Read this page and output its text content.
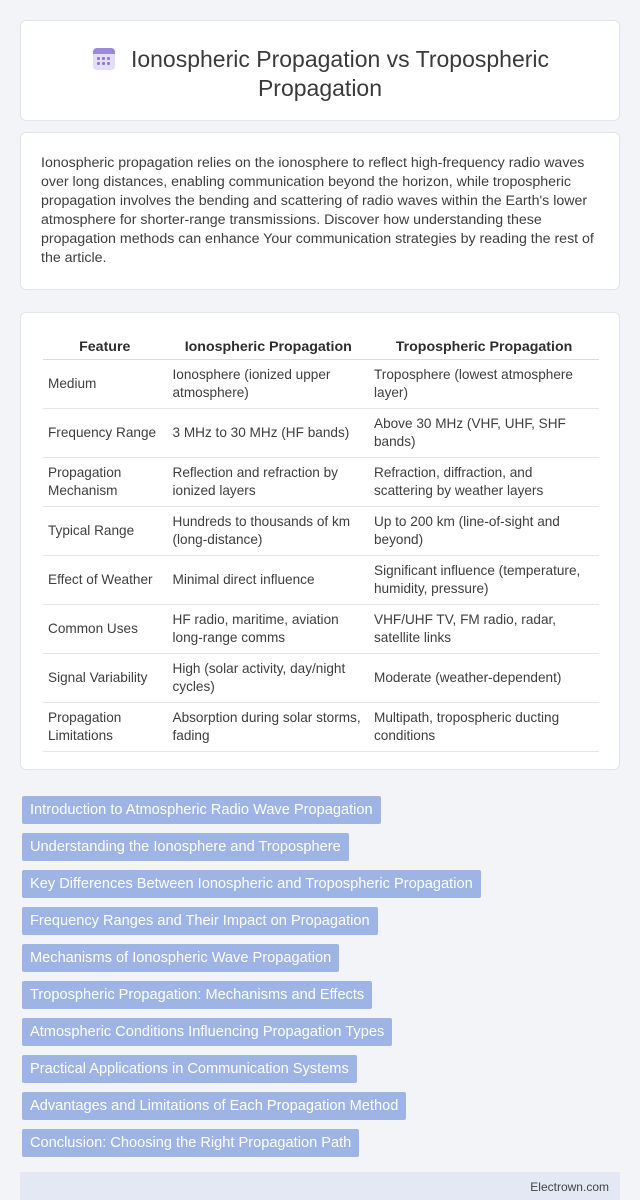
Ionospheric Propagation vs Tropospheric Propagation

Ionospheric propagation relies on the ionosphere to reflect high-frequency radio waves over long distances, enabling communication beyond the horizon, while tropospheric propagation involves the bending and scattering of radio waves within the Earth's lower atmosphere for shorter-range transmissions. Discover how understanding these propagation methods can enhance Your communication strategies by reading the rest of the article.

Feature	Ionospheric Propagation	Tropospheric Propagation
Medium	Ionosphere (ionized upper atmosphere)	Troposphere (lowest atmosphere layer)
Frequency Range	3 MHz to 30 MHz (HF bands)	Above 30 MHz (VHF, UHF, SHF bands)
Propagation Mechanism	Reflection and refraction by ionized layers	Refraction, diffraction, and scattering by weather layers
Typical Range	Hundreds to thousands of km (long-distance)	Up to 200 km (line-of-sight and beyond)
Effect of Weather	Minimal direct influence	Significant influence (temperature, humidity, pressure)
Common Uses	HF radio, maritime, aviation long-range comms	VHF/UHF TV, FM radio, radar, satellite links
Signal Variability	High (solar activity, day/night cycles)	Moderate (weather-dependent)
Propagation Limitations	Absorption during solar storms, fading	Multipath, tropospheric ducting conditions
Introduction to Atmospheric Radio Wave Propagation
Understanding the Ionosphere and Troposphere
Key Differences Between Ionospheric and Tropospheric Propagation
Frequency Ranges and Their Impact on Propagation
Mechanisms of Ionospheric Wave Propagation
Tropospheric Propagation: Mechanisms and Effects
Atmospheric Conditions Influencing Propagation Types
Practical Applications in Communication Systems
Advantages and Limitations of Each Propagation Method
Conclusion: Choosing the Right Propagation Path
Electrown.com
